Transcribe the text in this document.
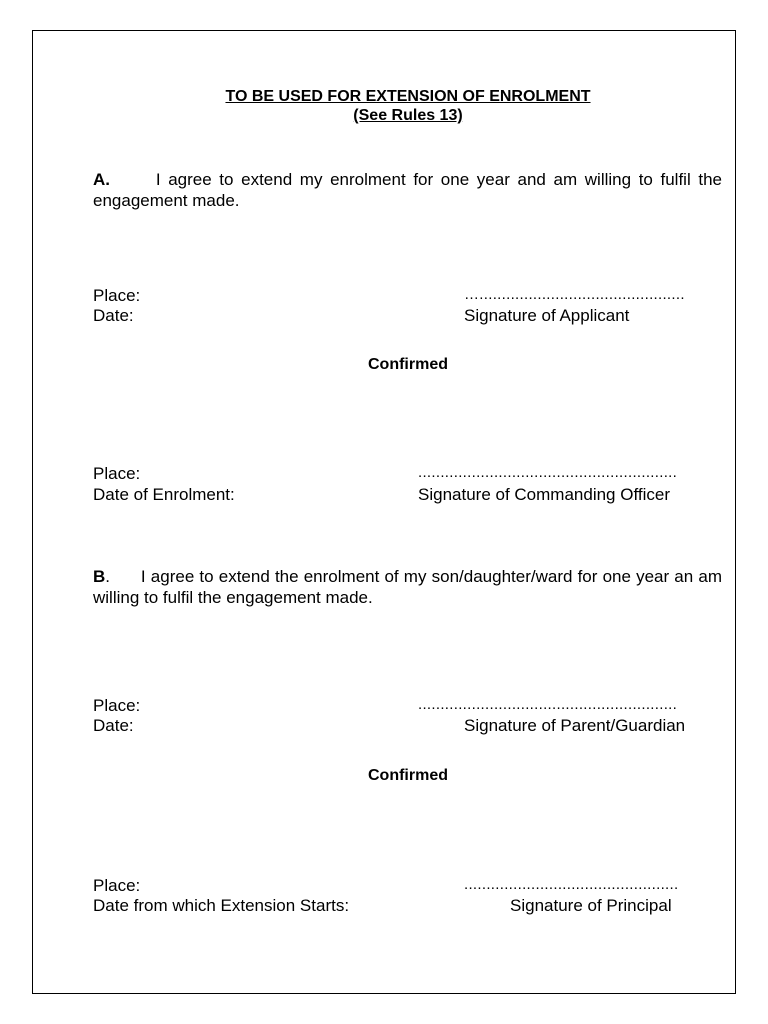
TO BE USED FOR EXTENSION OF ENROLMENT
(See Rules 13)
A.	I agree to extend my enrolment for one year and am willing to fulfil the engagement made.
Place:
Date:
…..............................................
Signature of Applicant
Confirmed
Place:
Date of Enrolment:
..........................................................
Signature of Commanding Officer
B. I agree to extend the enrolment of my son/daughter/ward for one year an am willing to fulfil the engagement made.
Place:
Date:
..........................................................
Signature of Parent/Guardian
Confirmed
Place:
Date from which Extension Starts:
................................................
Signature of Principal
